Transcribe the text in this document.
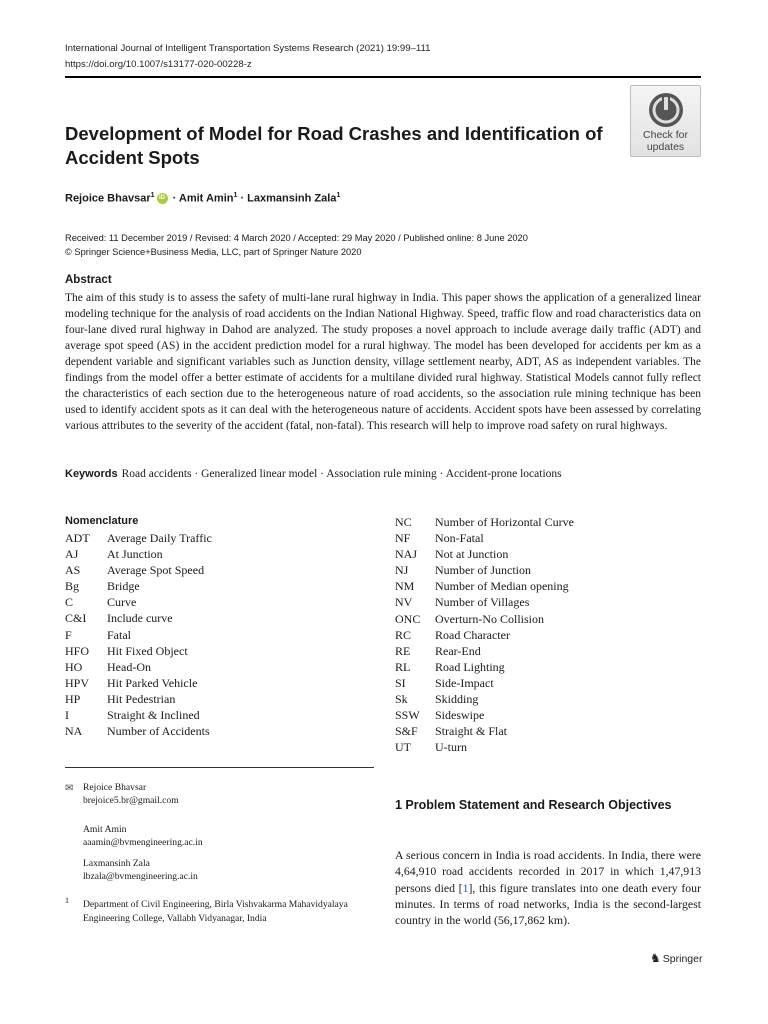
International Journal of Intelligent Transportation Systems Research (2021) 19:99–111
https://doi.org/10.1007/s13177-020-00228-z
Check for
updates
Development of Model for Road Crashes and Identification of Accident Spots
Rejoice Bhavsar$^1$ iD · Amit Amin$^1$ · Laxmansinh Zala$^1$
Received: 11 December 2019 / Revised: 4 March 2020 / Accepted: 29 May 2020 / Published online: 8 June 2020
© Springer Science+Business Media, LLC, part of Springer Nature 2020
Abstract
The aim of this study is to assess the safety of multi-lane rural highway in India. This paper shows the application of a generalized linear modeling technique for the analysis of road accidents on the Indian National Highway. Speed, traffic flow and road characteristics data on four-lane dived rural highway in Dahod are analyzed. The study proposes a novel approach to include average daily traffic (ADT) and average spot speed (AS) in the accident prediction model for a rural highway. The model has been developed for accidents per km as a dependent variable and significant variables such as Junction density, village settlement nearby, ADT, AS as independent variables. The findings from the model offer a better estimate of accidents for a multilane divided rural highway. Statistical Models cannot fully reflect the characteristics of each section due to the heterogeneous nature of road accidents, so the association rule mining technique has been used to identify accident spots as it can deal with the heterogeneous nature of accidents. Accident spots have been assessed by correlating various attributes to the severity of the accident (fatal, non-fatal). This research will help to improve road safety on rural highways.
Keywords Road accidents · Generalized linear model · Association rule mining · Accident-prone locations
Nomenclature
ADT Average Daily Traffic
AJ At Junction
AS Average Spot Speed
Bg Bridge
C	Curve
C&I Include curve
F	Fatal
HFO Hit Fixed Object
HO Head-On
HPV Hit Parked Vehicle
HP Hit Pedestrian
I	Straight & Inclined
NA Number of Accidents
NC Number of Horizontal Curve
NF Non-Fatal
NAJ Not at Junction
NJ Number of Junction
NM Number of Median opening
NV Number of Villages
ONC Overturn-No Collision
RC Road Character
RE Rear-End
RL Road Lighting
SI Side-Impact
Sk Skidding
SSW Sideswipe
S&F Straight & Flat
UT U-turn
✉ Rejoice Bhavsar
brejoice5.br@gmail.com
Amit Amin
aaamin@bvmengineering.ac.in
Laxmansinh Zala
lbzala@bvmengineering.ac.in
1 Department of Civil Engineering, Birla Vishvakarma Mahavidyalaya Engineering College, Vallabh Vidyanagar, India
1 Problem Statement and Research Objectives
A serious concern in India is road accidents. In India, there were 4,64,910 road accidents recorded in 2017 in which 1,47,913 persons died [1], this figure translates into one death every four minutes. In terms of road networks, India is the second-largest country in the world (56,17,862 km).
♞ Springer
